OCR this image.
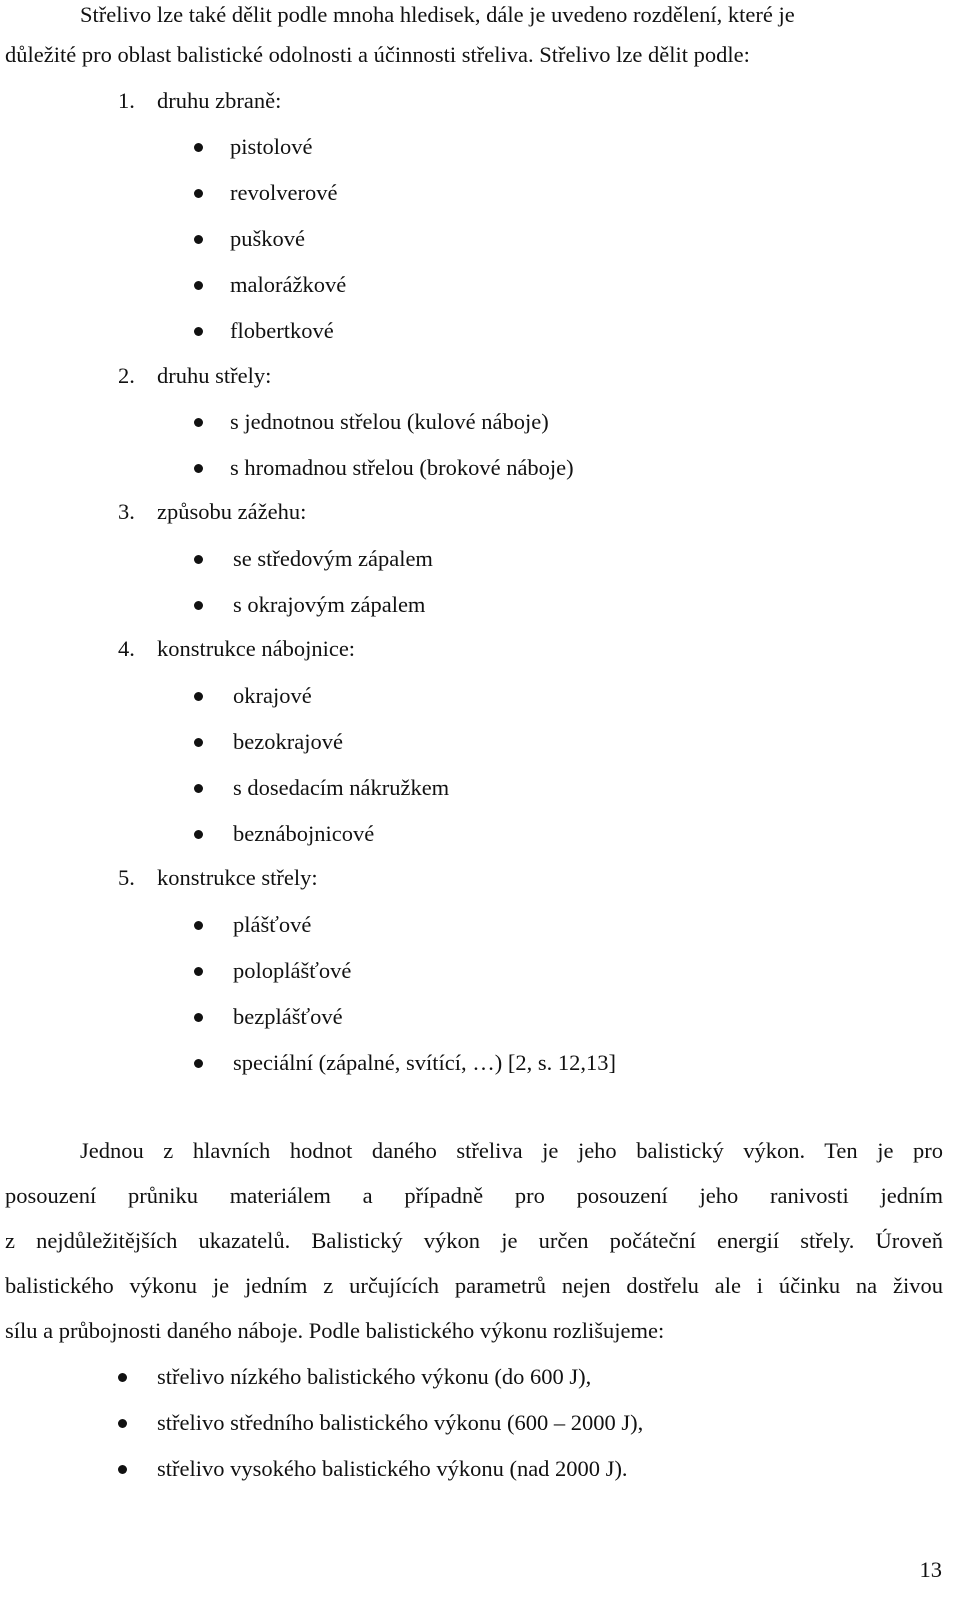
Střelivo lze také dělit podle mnoha hledisek, dále je uvedeno rozdělení, které je
důležité pro oblast balistické odolnosti a účinnosti střeliva. Střelivo lze dělit podle:
1. druhu zbraně:
pistolové
revolverové
puškové
malorážkové
flobertkové
2. druhu střely:
s jednotnou střelou (kulové náboje)
s hromadnou střelou (brokové náboje)
3. způsobu zážehu:
se středovým zápalem
s okrajovým zápalem
4. konstrukce nábojnice:
okrajové
bezokrajové
s dosedacím nákružkem
beznábojnicové
5. konstrukce střely:
plášťové
poloplášťové
bezplášťové
speciální (zápalné, svítící, …) [2, s. 12,13]
Jednou z hlavních hodnot daného střeliva je jeho balistický výkon. Ten je pro
posouzení průniku materiálem a případně pro posouzení jeho ranivosti jedním
z nejdůležitějších ukazatelů. Balistický výkon je určen počáteční energií střely. Úroveň
balistického výkonu je jedním z určujících parametrů nejen dostřelu ale i účinku na živou
sílu a průbojnosti daného náboje. Podle balistického výkonu rozlišujeme:
střelivo nízkého balistického výkonu (do 600 J),
střelivo středního balistického výkonu (600 – 2000 J),
střelivo vysokého balistického výkonu (nad 2000 J).
13
